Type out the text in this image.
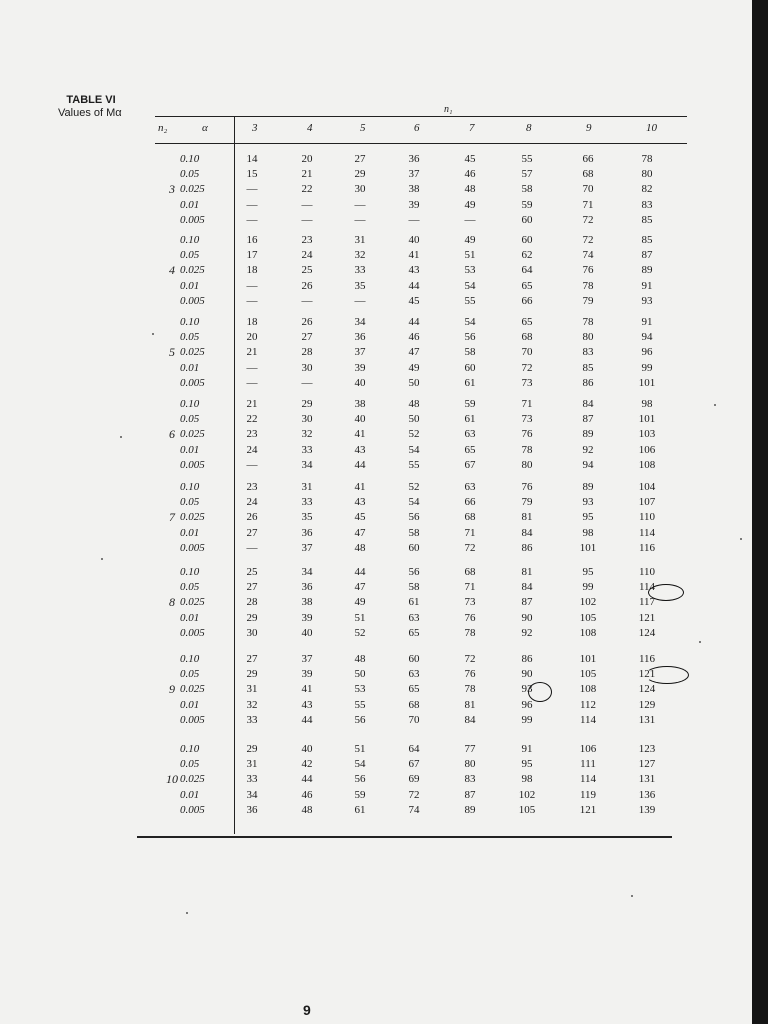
TABLE VI
Values of Mα	n₁
n₂	α	3	4	5	6	7	8	9	10
3
0.10	14	20	27	36	45	55	66	78
0.05	15	21	29	37	46	57	68	80
0.025	—	22	30	38	48	58	70	82
0.01	—	—	—	39	49	59	71	83
0.005	—	—	—	—	—	60	72	85
4
0.10	16	23	31	40	49	60	72	85
0.05	17	24	32	41	51	62	74	87
0.025	18	25	33	43	53	64	76	89
0.01	—	26	35	44	54	65	78	91
0.005	—	—	—	45	55	66	79	93
5
0.10	18	26	34	44	54	65	78	91
0.05	20	27	36	46	56	68	80	94
0.025	21	28	37	47	58	70	83	96
0.01	—	30	39	49	60	72	85	99
0.005	—	—	40	50	61	73	86	101
6
0.10	21	29	38	48	59	71	84	98
0.05	22	30	40	50	61	73	87	101
0.025	23	32	41	52	63	76	89	103
0.01	24	33	43	54	65	78	92	106
0.005	—	34	44	55	67	80	94	108
7
0.10	23	31	41	52	63	76	89	104
0.05	24	33	43	54	66	79	93	107
0.025	26	35	45	56	68	81	95	110
0.01	27	36	47	58	71	84	98	114
0.005	—	37	48	60	72	86	101	116
8
0.10	25	34	44	56	68	81	95	110
0.05	27	36	47	58	71	84	99	114
0.025	28	38	49	61	73	87	102	117
0.01	29	39	51	63	76	90	105	121
0.005	30	40	52	65	78	92	108	124
9
0.10	27	37	48	60	72	86	101	116
0.05	29	39	50	63	76	90	105	121
0.025	31	41	53	65	78	93	108	124
0.01	32	43	55	68	81	96	112	129
0.005	33	44	56	70	84	99	114	131
10
0.10	29	40	51	64	77	91	106	123
0.05	31	42	54	67	80	95	111	127
0.025	33	44	56	69	83	98	114	131
0.01	34	46	59	72	87	102	119	136
0.005	36	48	61	74	89	105	121	139
9
